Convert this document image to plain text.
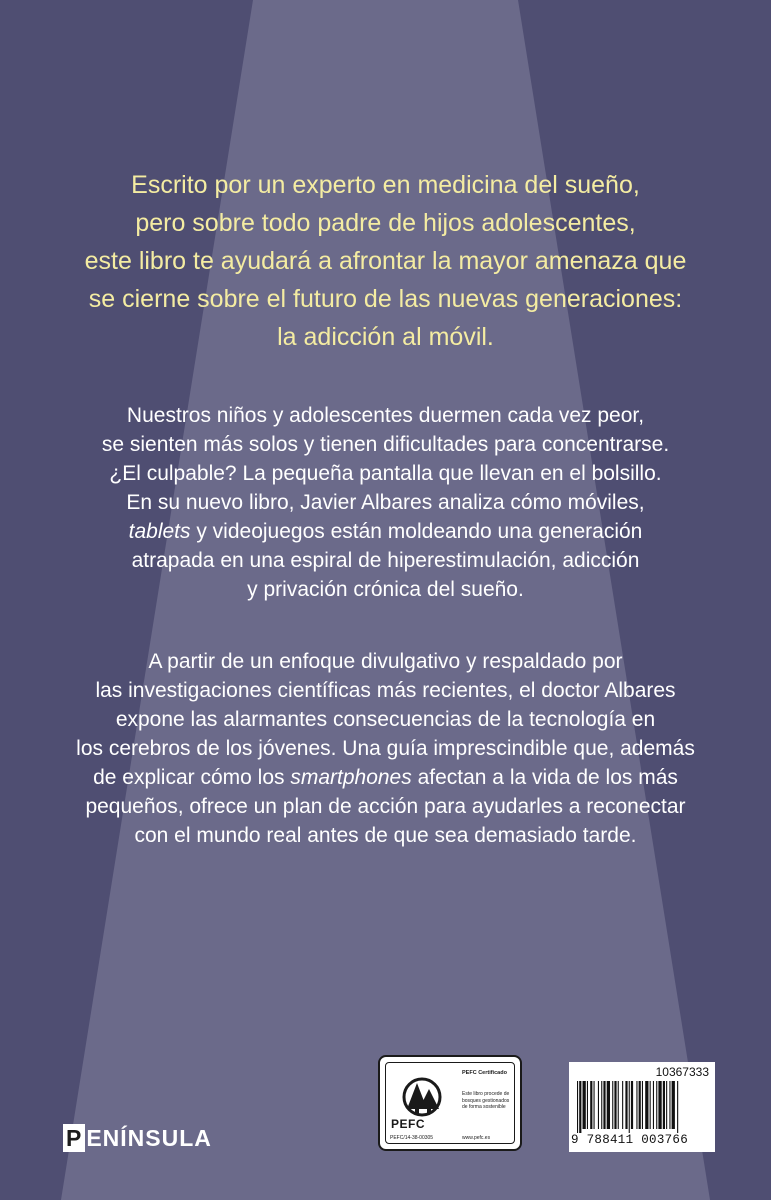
Escrito por un experto en medicina del sueño,
pero sobre todo padre de hijos adolescentes,
este libro te ayudará a afrontar la mayor amenaza que
se cierne sobre el futuro de las nuevas generaciones:
la adicción al móvil.
Nuestros niños y adolescentes duermen cada vez peor,
se sienten más solos y tienen dificultades para concentrarse.
¿El culpable? La pequeña pantalla que llevan en el bolsillo.
En su nuevo libro, Javier Albares analiza cómo móviles,
tablets y videojuegos están moldeando una generación
atrapada en una espiral de hiperestimulación, adicción
y privación crónica del sueño.
A partir de un enfoque divulgativo y respaldado por
las investigaciones científicas más recientes, el doctor Albares
expone las alarmantes consecuencias de la tecnología en
los cerebros de los jóvenes. Una guía imprescindible que, además
de explicar cómo los smartphones afectan a la vida de los más
pequeños, ofrece un plan de acción para ayudarles a reconectar
con el mundo real antes de que sea demasiado tarde.
P ENÍNSULA
PEFC
PEFC/14-38-00305
PEFC Certificado
Este libro procede de bosques gestionados de forma sostenible
www.pefc.es
10367333
9 788411 003766
